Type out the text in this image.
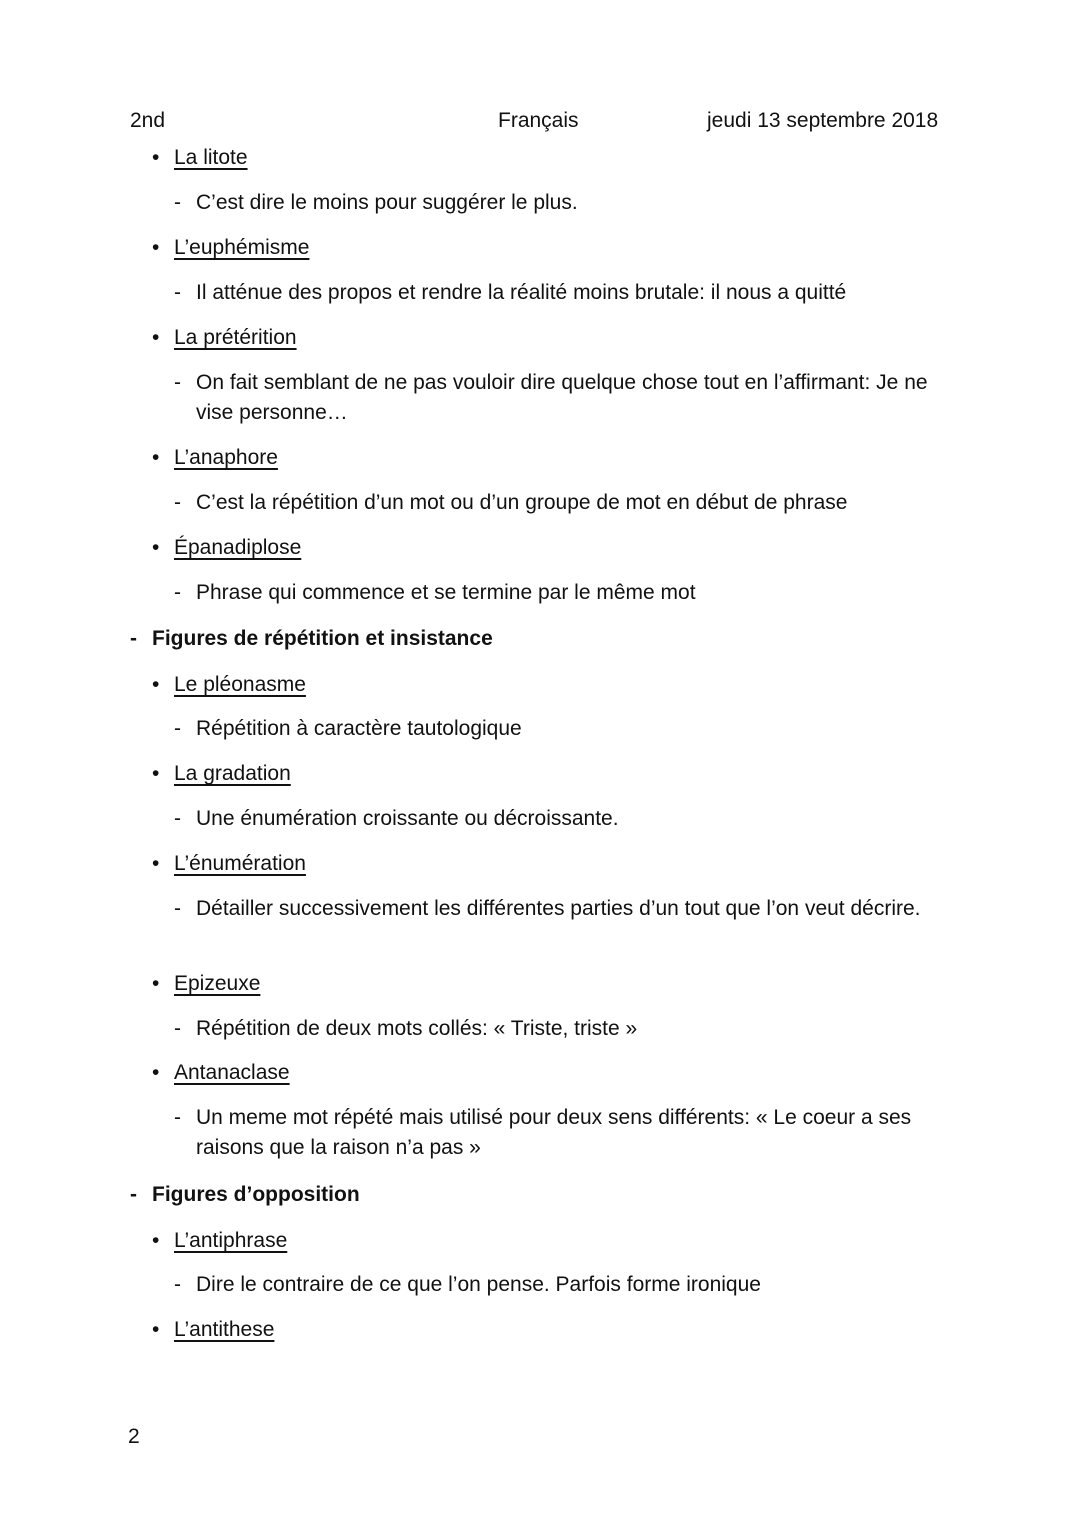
2nd	Français	jeudi 13 septembre 2018
• La litote
- C’est dire le moins pour suggérer le plus.
• L’euphémisme
- Il atténue des propos et rendre la réalité moins brutale: il nous a quitté
• La prétérition
- On fait semblant de ne pas vouloir dire quelque chose tout en l’affirmant: Je ne vise personne…
• L’anaphore
- C’est la répétition d’un mot ou d’un groupe de mot en début de phrase
• Épanadiplose
- Phrase qui commence et se termine par le même mot
- Figures de répétition et insistance
• Le pléonasme
- Répétition à caractère tautologique
• La gradation
- Une énumération croissante ou décroissante.
• L’énumération
- Détailler successivement les différentes parties d’un tout que l’on veut décrire.
• Epizeuxe
- Répétition de deux mots collés: « Triste, triste »
• Antanaclase
- Un meme mot répété mais utilisé pour deux sens différents: « Le coeur a ses raisons que la raison n’a pas »
- Figures d’opposition
• L’antiphrase
- Dire le contraire de ce que l’on pense. Parfois forme ironique
• L’antithese
2
